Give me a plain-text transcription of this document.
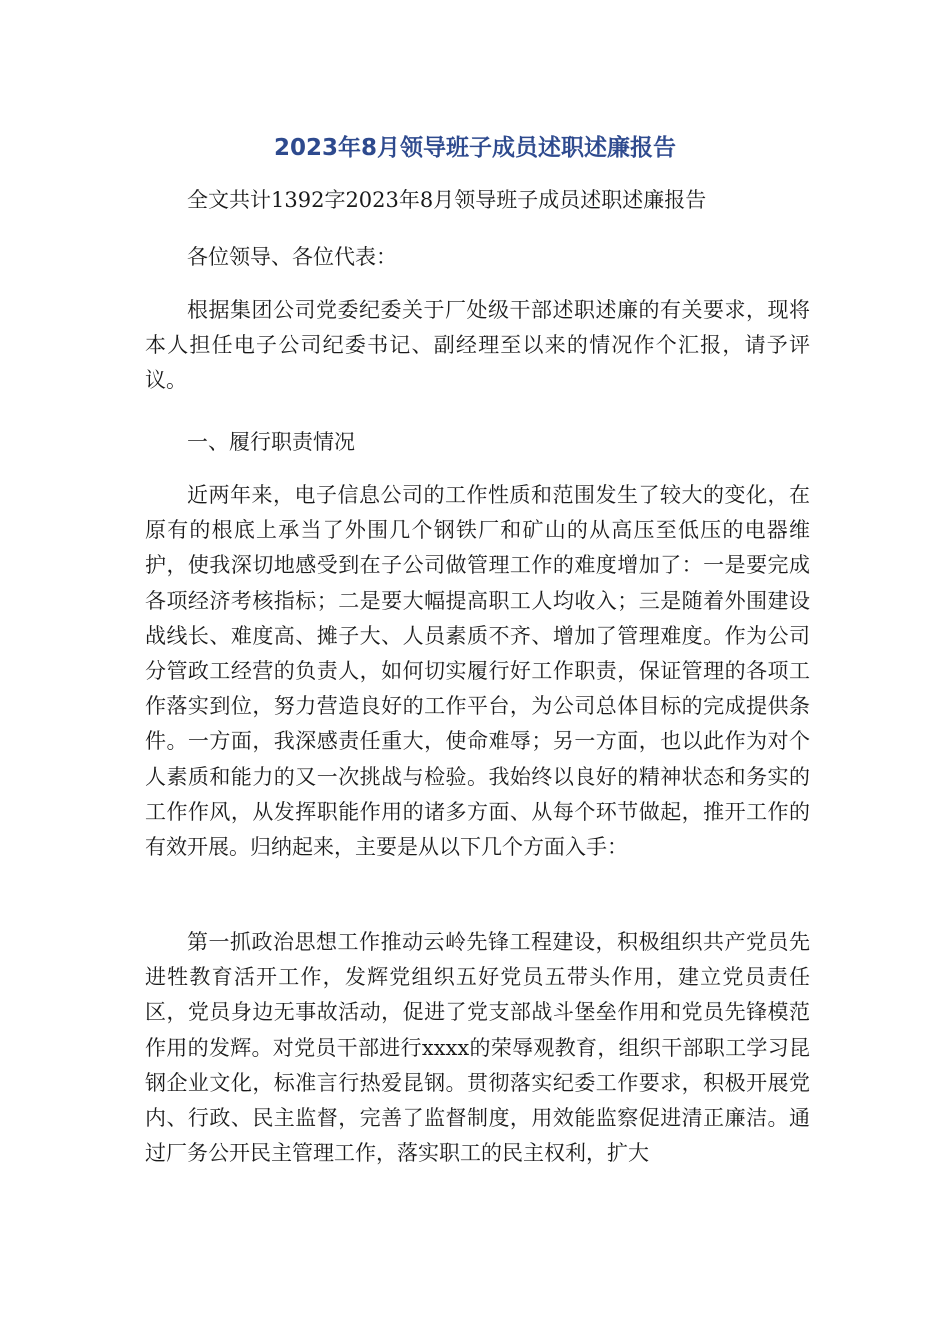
2023年8月领导班子成员述职述廉报告

全文共计1392字2023年8月领导班子成员述职述廉报告

各位领导、各位代表：

根据集团公司党委纪委关于厂处级干部述职述廉的有关要求，现将本人担任电子公司纪委书记、副经理至以来的情况作个汇报，请予评议。

一、履行职责情况

近两年来，电子信息公司的工作性质和范围发生了较大的变化，在原有的根底上承当了外围几个钢铁厂和矿山的从高压至低压的电器维护，使我深切地感受到在子公司做管理工作的难度增加了：一是要完成各项经济考核指标；二是要大幅提高职工人均收入；三是随着外围建设战线长、难度高、摊子大、人员素质不齐、增加了管理难度。作为公司分管政工经营的负责人，如何切实履行好工作职责，保证管理的各项工作落实到位，努力营造良好的工作平台，为公司总体目标的完成提供条件。一方面，我深感责任重大，使命难辱；另一方面，也以此作为对个人素质和能力的又一次挑战与检验。我始终以良好的精神状态和务实的工作作风，从发挥职能作用的诸多方面、从每个环节做起，推开工作的有效开展。归纳起来，主要是从以下几个方面入手：

第一抓政治思想工作推动云岭先锋工程建设，积极组织共产党员先进牲教育活开工作，发辉党组织五好党员五带头作用，建立党员责任区，党员身边无事故活动，促进了党支部战斗堡垒作用和党员先锋模范作用的发辉。对党员干部进行xxxx的荣辱观教育，组织干部职工学习昆钢企业文化，标准言行热爱昆钢。贯彻落实纪委工作要求，积极开展党内、行政、民主监督，完善了监督制度，用效能监察促进清正廉洁。通过厂务公开民主管理工作，落实职工的民主权利，扩大
